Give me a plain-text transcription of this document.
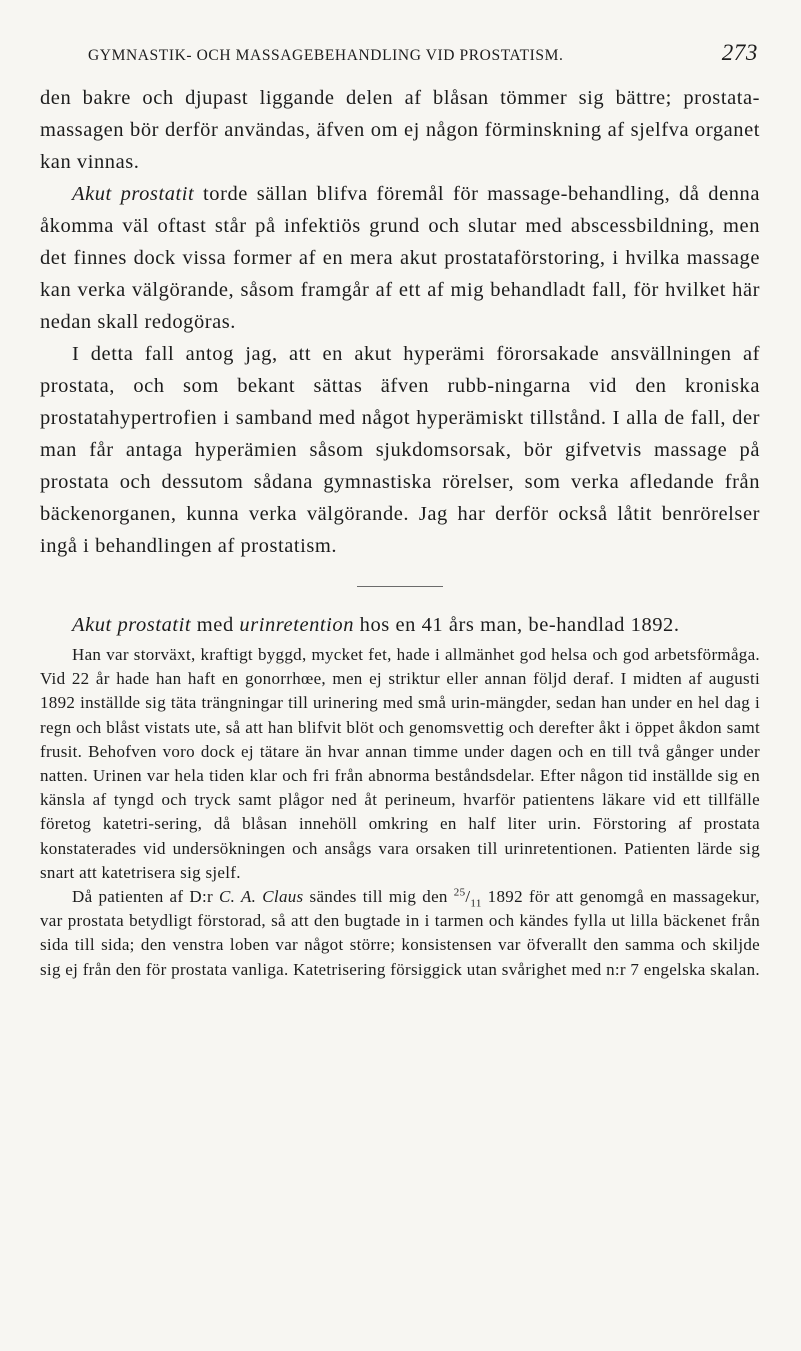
GYMNASTIK- OCH MASSAGEBEHANDLING VID PROSTATISM.	273

den bakre och djupast liggande delen af blåsan tömmer sig bättre; prostata-massagen bör derför användas, äfven om ej någon förminskning af sjelfva organet kan vinnas.

Akut prostatit torde sällan blifva föremål för massage-behandling, då denna åkomma väl oftast står på infektiös grund och slutar med abscessbildning, men det finnes dock vissa former af en mera akut prostataförstoring, i hvilka massage kan verka välgörande, såsom framgår af ett af mig behandladt fall, för hvilket här nedan skall redogöras.

I detta fall antog jag, att en akut hyperämi förorsakade ansvällningen af prostata, och som bekant sättas äfven rubb-ningarna vid den kroniska prostatahypertrofien i samband med något hyperämiskt tillstånd. I alla de fall, der man får antaga hyperämien såsom sjukdomsorsak, bör gifvetvis massage på prostata och dessutom sådana gymnastiska rörelser, som verka afledande från bäckenorganen, kunna verka välgörande. Jag har derför också låtit benrörelser ingå i behandlingen af prostatism.

Akut prostatit med urinretention hos en 41 års man, be-handlad 1892.

Han var storväxt, kraftigt byggd, mycket fet, hade i allmänhet god helsa och god arbetsförmåga. Vid 22 år hade han haft en gonorrhœe, men ej striktur eller annan följd deraf. I midten af augusti 1892 inställde sig täta trängningar till urinering med små urin-mängder, sedan han under en hel dag i regn och blåst vistats ute, så att han blifvit blöt och genomsvettig och derefter åkt i öppet åkdon samt frusit. Behofven voro dock ej tätare än hvar annan timme under dagen och en till två gånger under natten. Urinen var hela tiden klar och fri från abnorma beståndsdelar. Efter någon tid inställde sig en känsla af tyngd och tryck samt plågor ned åt perineum, hvarför patientens läkare vid ett tillfälle företog katetri-sering, då blåsan innehöll omkring en half liter urin. Förstoring af prostata konstaterades vid undersökningen och ansågs vara orsaken till urinretentionen. Patienten lärde sig snart att katetrisera sig sjelf.

Då patienten af D:r C. A. Claus sändes till mig den $^{25}/_{11}$ 1892 för att genomgå en massagekur, var prostata betydligt förstorad, så att den bugtade in i tarmen och kändes fylla ut lilla bäckenet från sida till sida; den venstra loben var något större; konsistensen var öfverallt den samma och skiljde sig ej från den för prostata vanliga. Katetrisering försiggick utan svårighet med n:r 7 engelska skalan.
